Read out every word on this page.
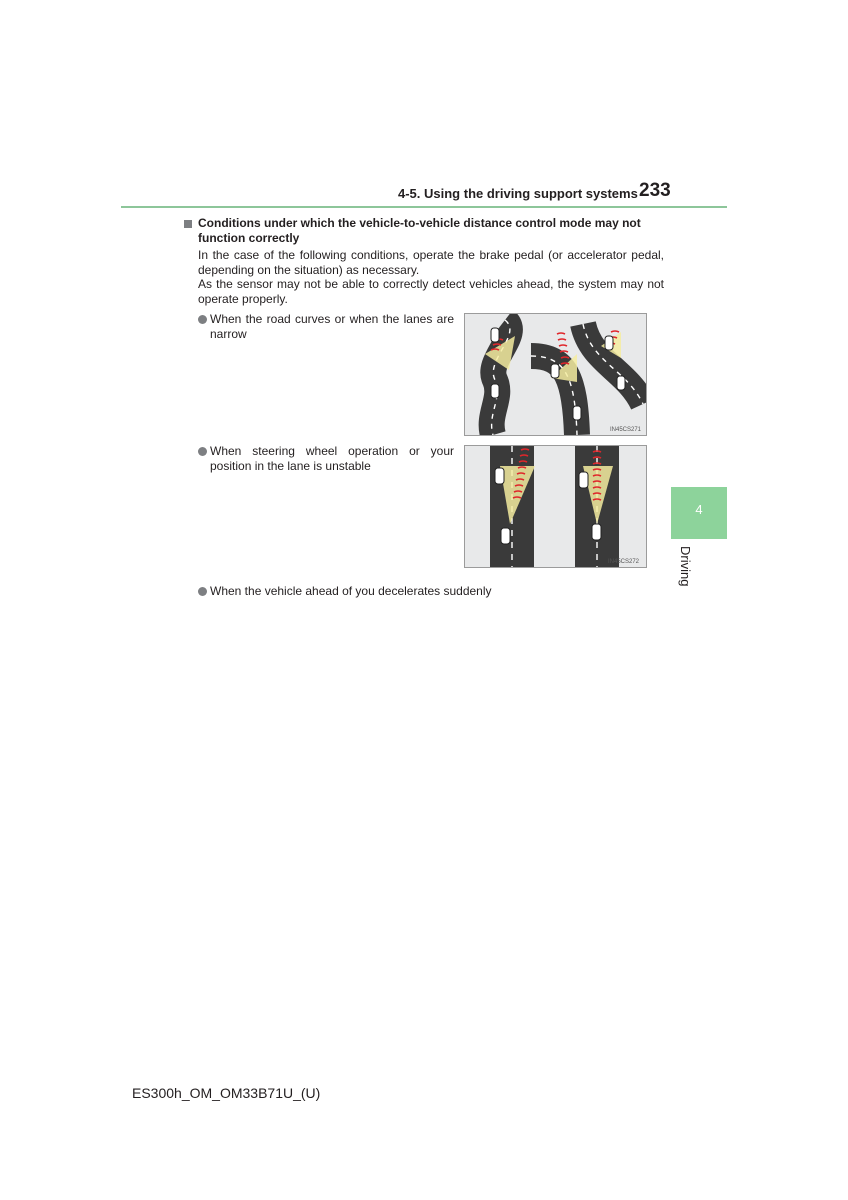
4-5. Using the driving support systems 233
Conditions under which the vehicle-to-vehicle distance control mode may not function correctly

In the case of the following conditions, operate the brake pedal (or accelerator pedal, depending on the situation) as necessary.

As the sensor may not be able to correctly detect vehicles ahead, the system may not operate properly.

When the road curves or when the lanes are narrow
When steering wheel operation or your position in the lane is unstable
When the vehicle ahead of you decelerates suddenly
IN45CS271
IN45CS272
4
Driving
ES300h_OM_OM33B71U_(U)
